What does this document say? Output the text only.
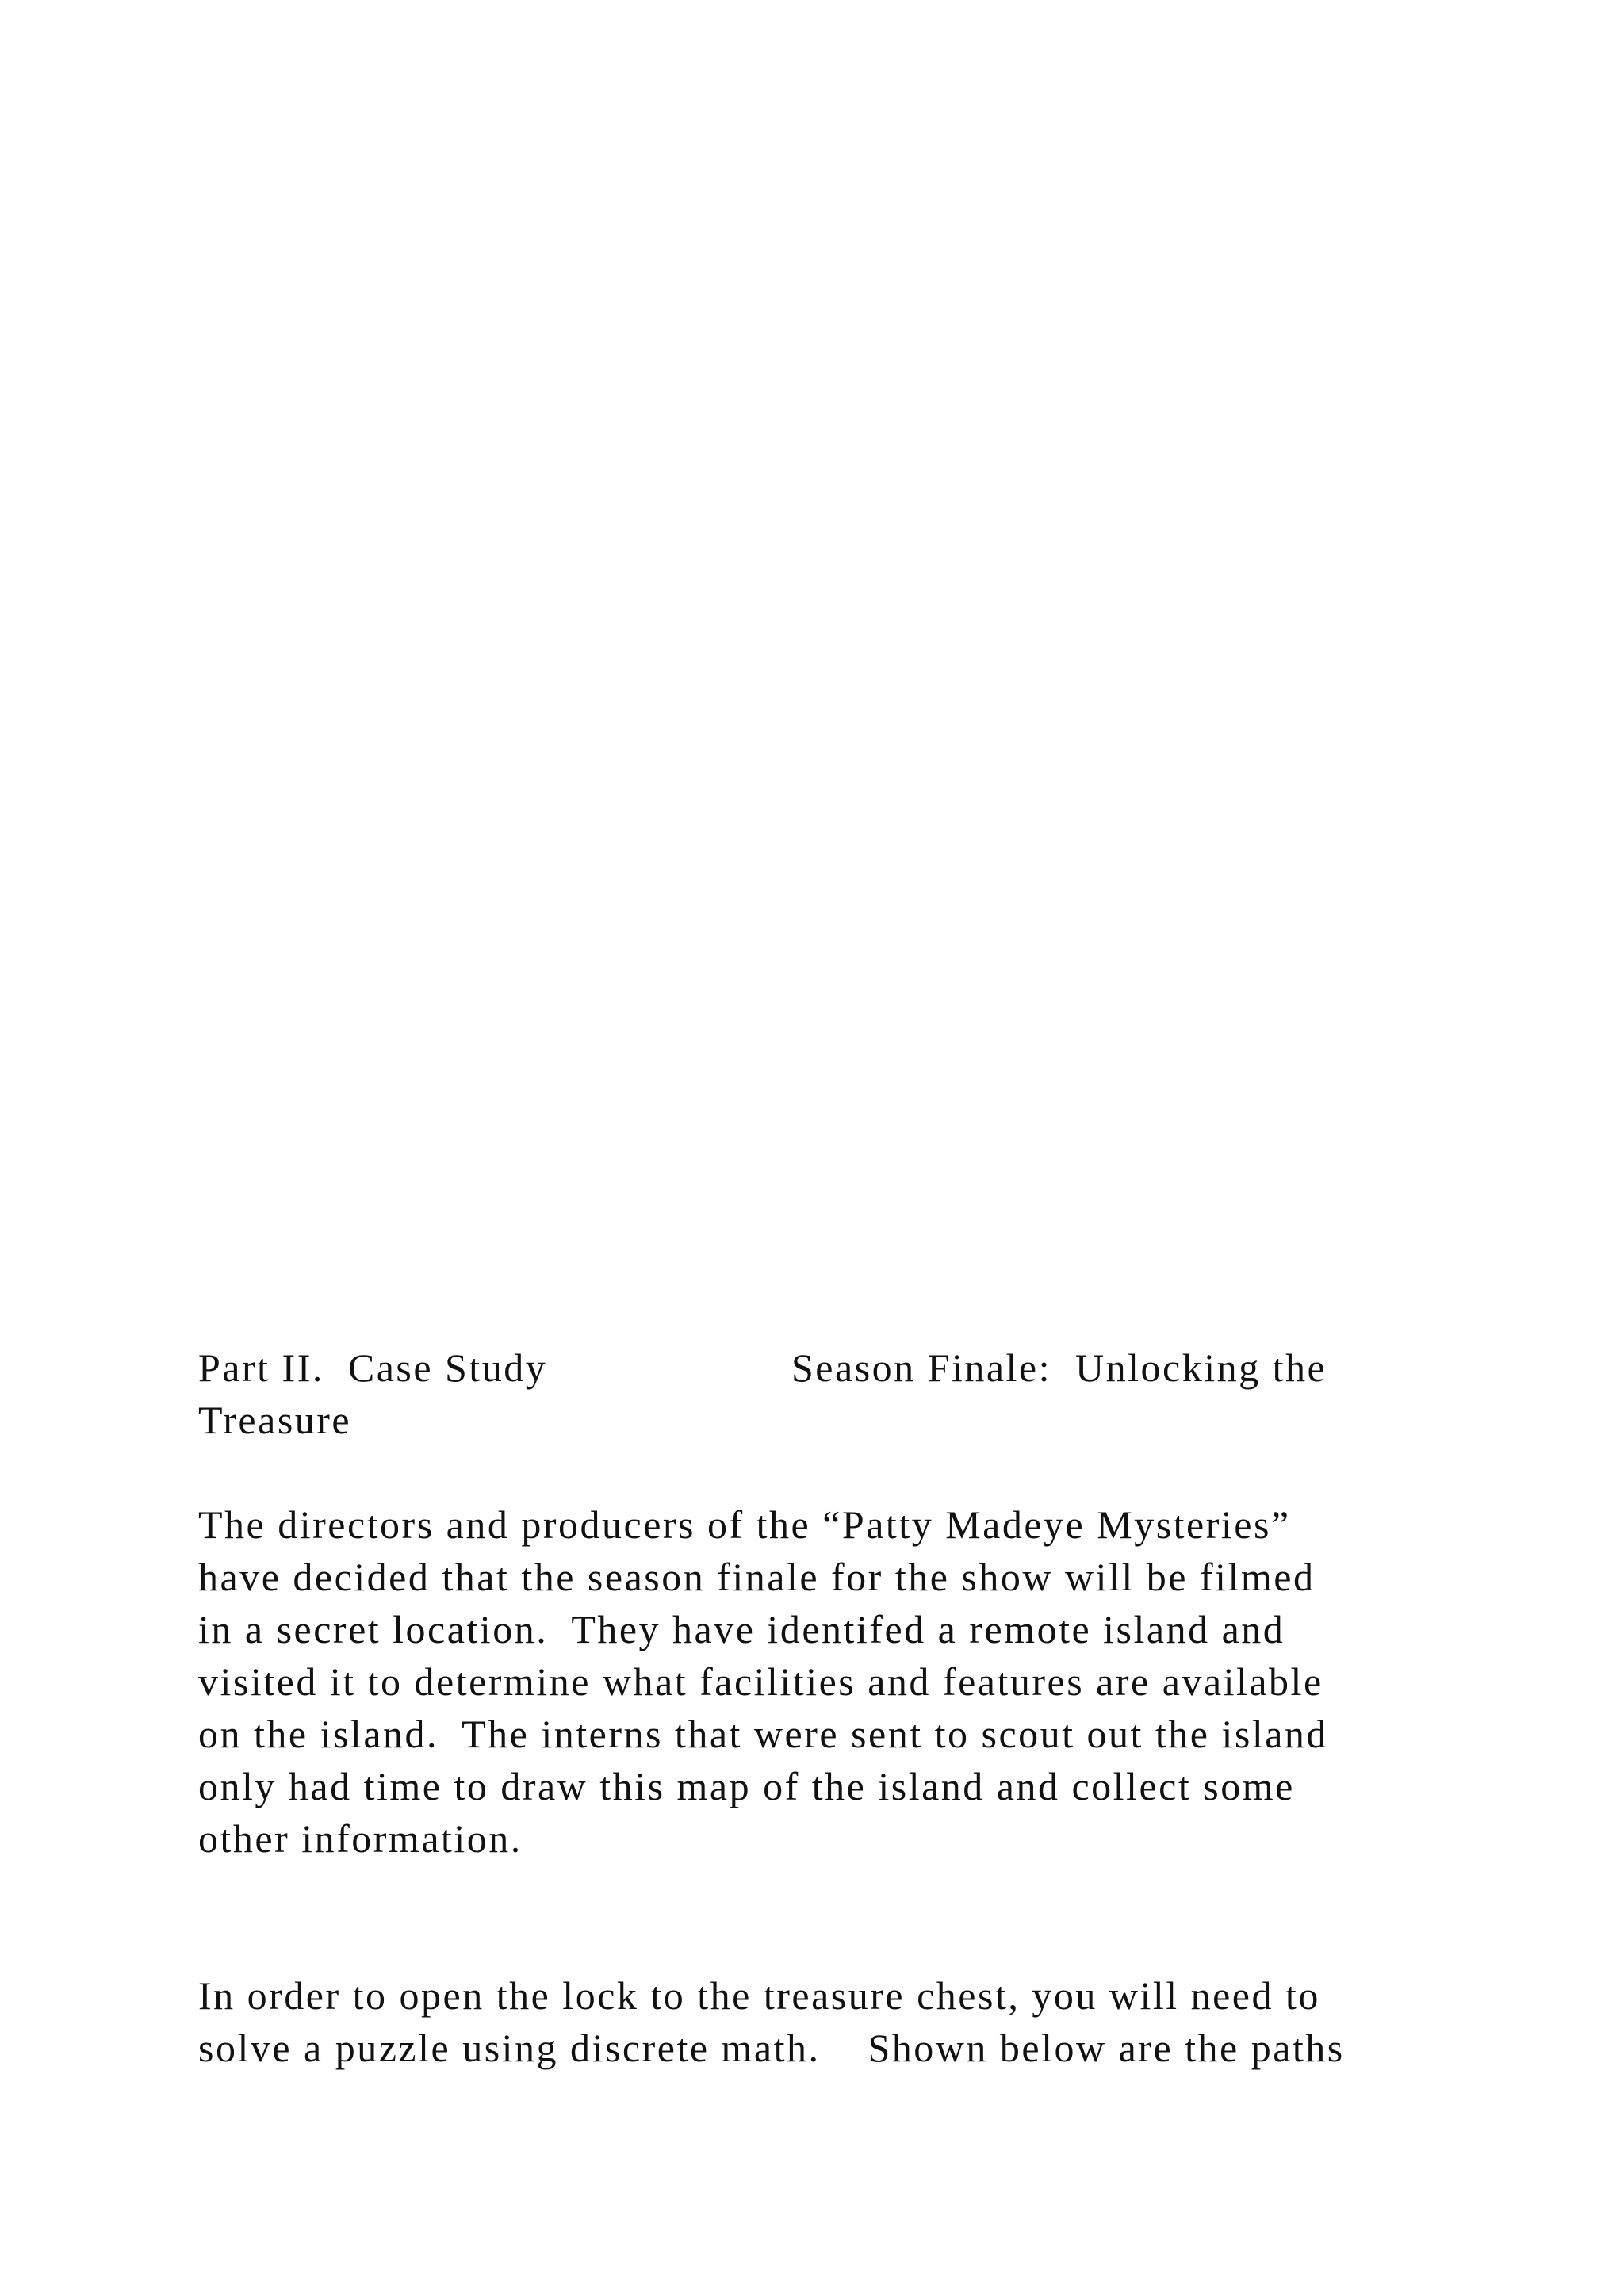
Part II.  Case Study

	Season Finale:  Unlocking the

Treasure
The directors and producers of the “Patty Madeye Mysteries”
have decided that the season finale for the show will be filmed
in a secret location.  They have identifed a remote island and
visited it to determine what facilities and features are available
on the island.  The interns that were sent to scout out the island
only had time to draw this map of the island and collect some
other information.
In order to open the lock to the treasure chest, you will need to
solve a puzzle using discrete math.    Shown below are the paths
